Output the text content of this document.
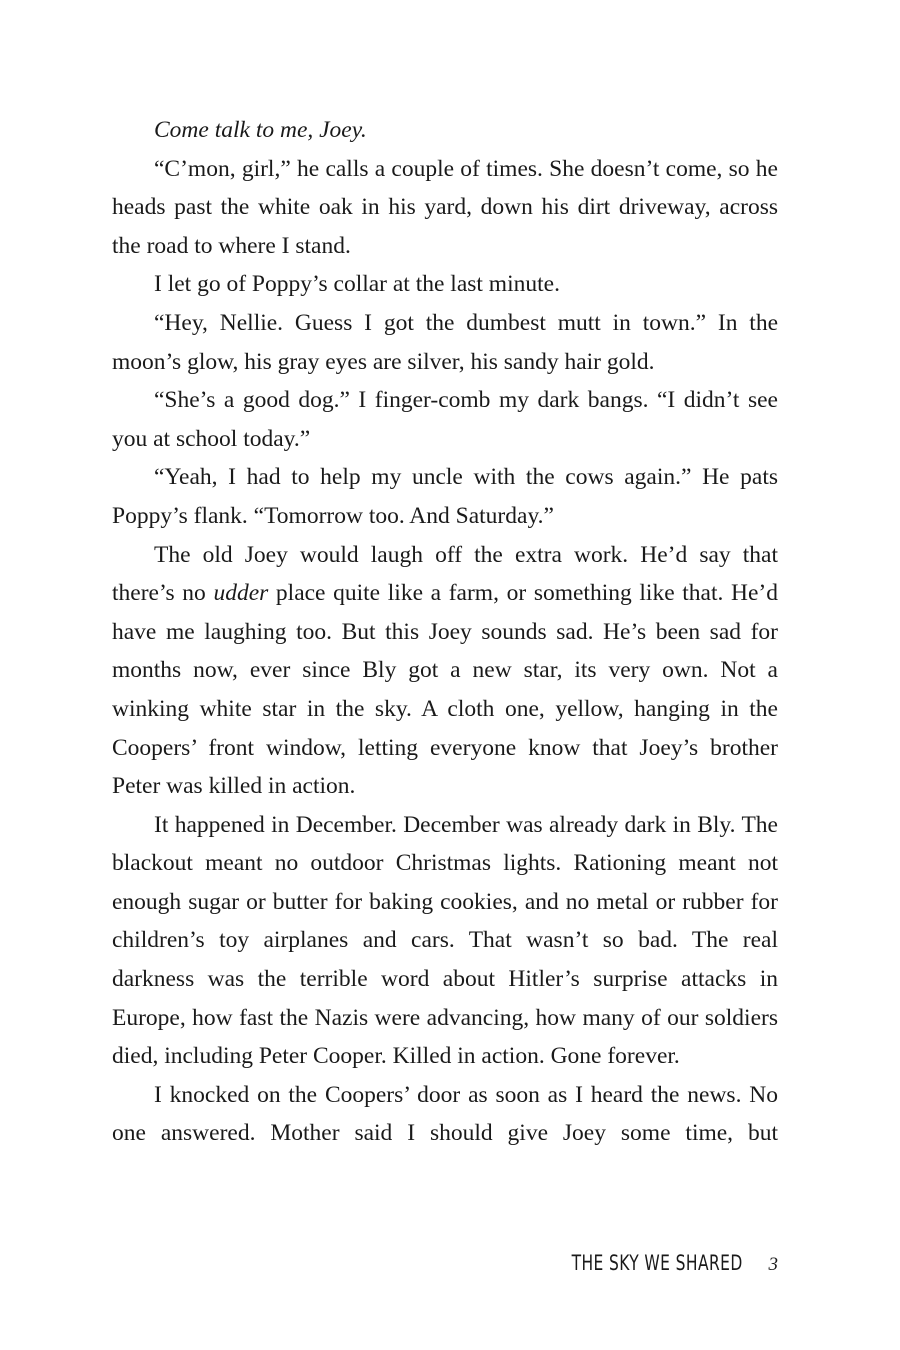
Come talk to me, Joey.

“C’mon, girl,” he calls a couple of times. She doesn’t come, so he heads past the white oak in his yard, down his dirt driveway, across the road to where I stand.

I let go of Poppy’s collar at the last minute.

“Hey, Nellie. Guess I got the dumbest mutt in town.” In the moon’s glow, his gray eyes are silver, his sandy hair gold.

“She’s a good dog.” I finger-comb my dark bangs. “I didn’t see you at school today.”

“Yeah, I had to help my uncle with the cows again.” He pats Poppy’s flank. “Tomorrow too. And Saturday.”

The old Joey would laugh off the extra work. He’d say that there’s no udder place quite like a farm, or something like that. He’d have me laughing too. But this Joey sounds sad. He’s been sad for months now, ever since Bly got a new star, its very own. Not a winking white star in the sky. A cloth one, yellow, hanging in the Coopers’ front window, letting everyone know that Joey’s brother Peter was killed in action.

It happened in December. December was already dark in Bly. The blackout meant no outdoor Christmas lights. Rationing meant not enough sugar or butter for baking cookies, and no metal or rubber for children’s toy airplanes and cars. That wasn’t so bad. The real darkness was the terrible word about Hitler’s surprise attacks in Europe, how fast the Nazis were advancing, how many of our soldiers died, including Peter Cooper. Killed in action. Gone forever.

I knocked on the Coopers’ door as soon as I heard the news. No one answered. Mother said I should give Joey some time, but

THE SKY WE SHARED 3
